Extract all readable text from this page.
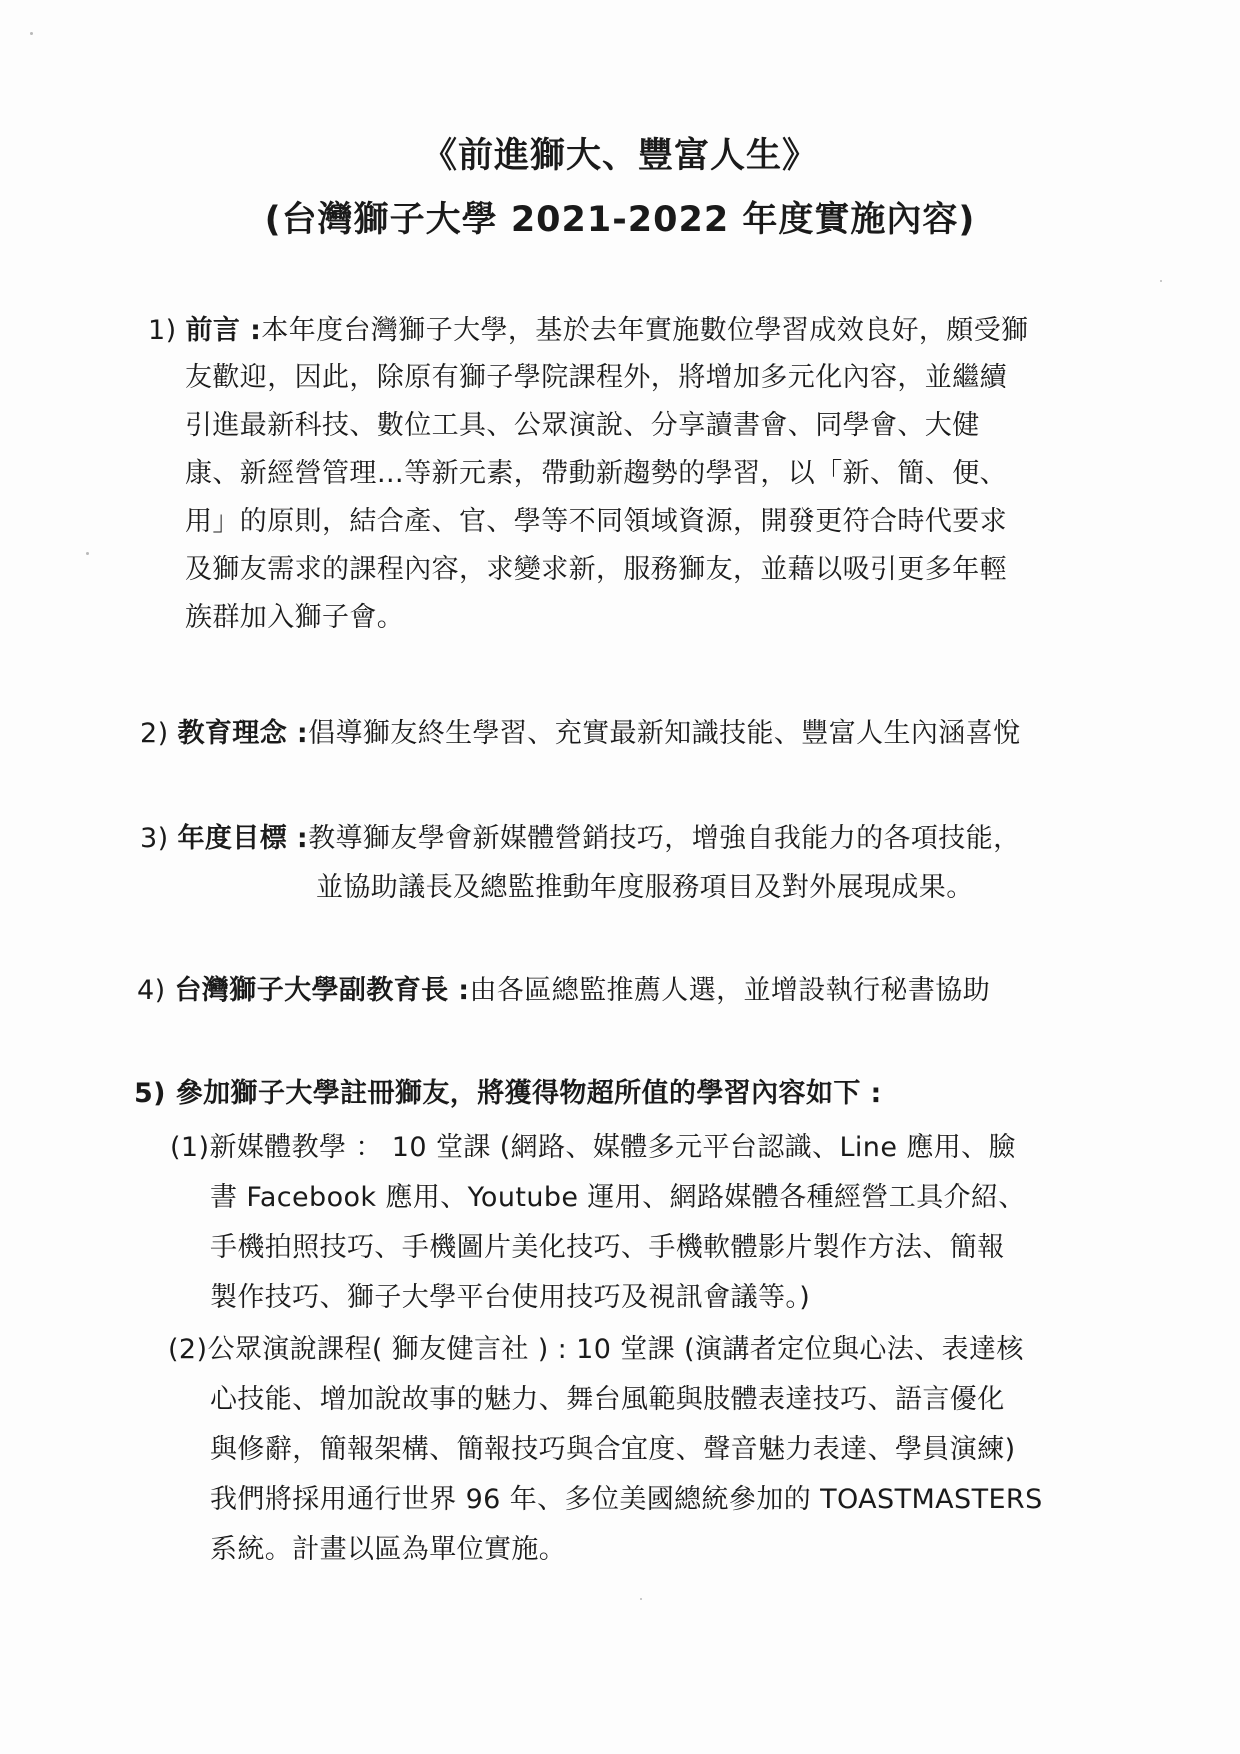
《前進獅大、豐富人生》
(台灣獅子大學 2021-2022 年度實施內容)
1) 前言 :本年度台灣獅子大學，基於去年實施數位學習成效良好，頗受獅
友歡迎，因此，除原有獅子學院課程外，將增加多元化內容，並繼續
引進最新科技、數位工具、公眾演說、分享讀書會、同學會、大健
康、新經營管理…等新元素，帶動新趨勢的學習，以「新、簡、便、
用」的原則，結合產、官、學等不同領域資源，開發更符合時代要求
及獅友需求的課程內容，求變求新，服務獅友，並藉以吸引更多年輕
族群加入獅子會。
2) 教育理念 :倡導獅友終生學習、充實最新知識技能、豐富人生內涵喜悅
3) 年度目標 :教導獅友學會新媒體營銷技巧，增強自我能力的各項技能，
並協助議長及總監推動年度服務項目及對外展現成果。
4) 台灣獅子大學副教育長 :由各區總監推薦人選，並增設執行秘書協助
5) 參加獅子大學註冊獅友，將獲得物超所值的學習內容如下 :
(1)新媒體教學 ： 10 堂課 (網路、媒體多元平台認識、Line 應用、臉
書 Facebook 應用、Youtube 運用、網路媒體各種經營工具介紹、
手機拍照技巧、手機圖片美化技巧、手機軟體影片製作方法、簡報
製作技巧、獅子大學平台使用技巧及視訊會議等。)
(2)公眾演說課程( 獅友健言社 ) : 10 堂課 (演講者定位與心法、表達核
心技能、增加說故事的魅力、舞台風範與肢體表達技巧、語言優化
與修辭，簡報架構、簡報技巧與合宜度、聲音魅力表達、學員演練)
我們將採用通行世界 96 年、多位美國總統參加的 TOASTMASTERS
系統。計畫以區為單位實施。
